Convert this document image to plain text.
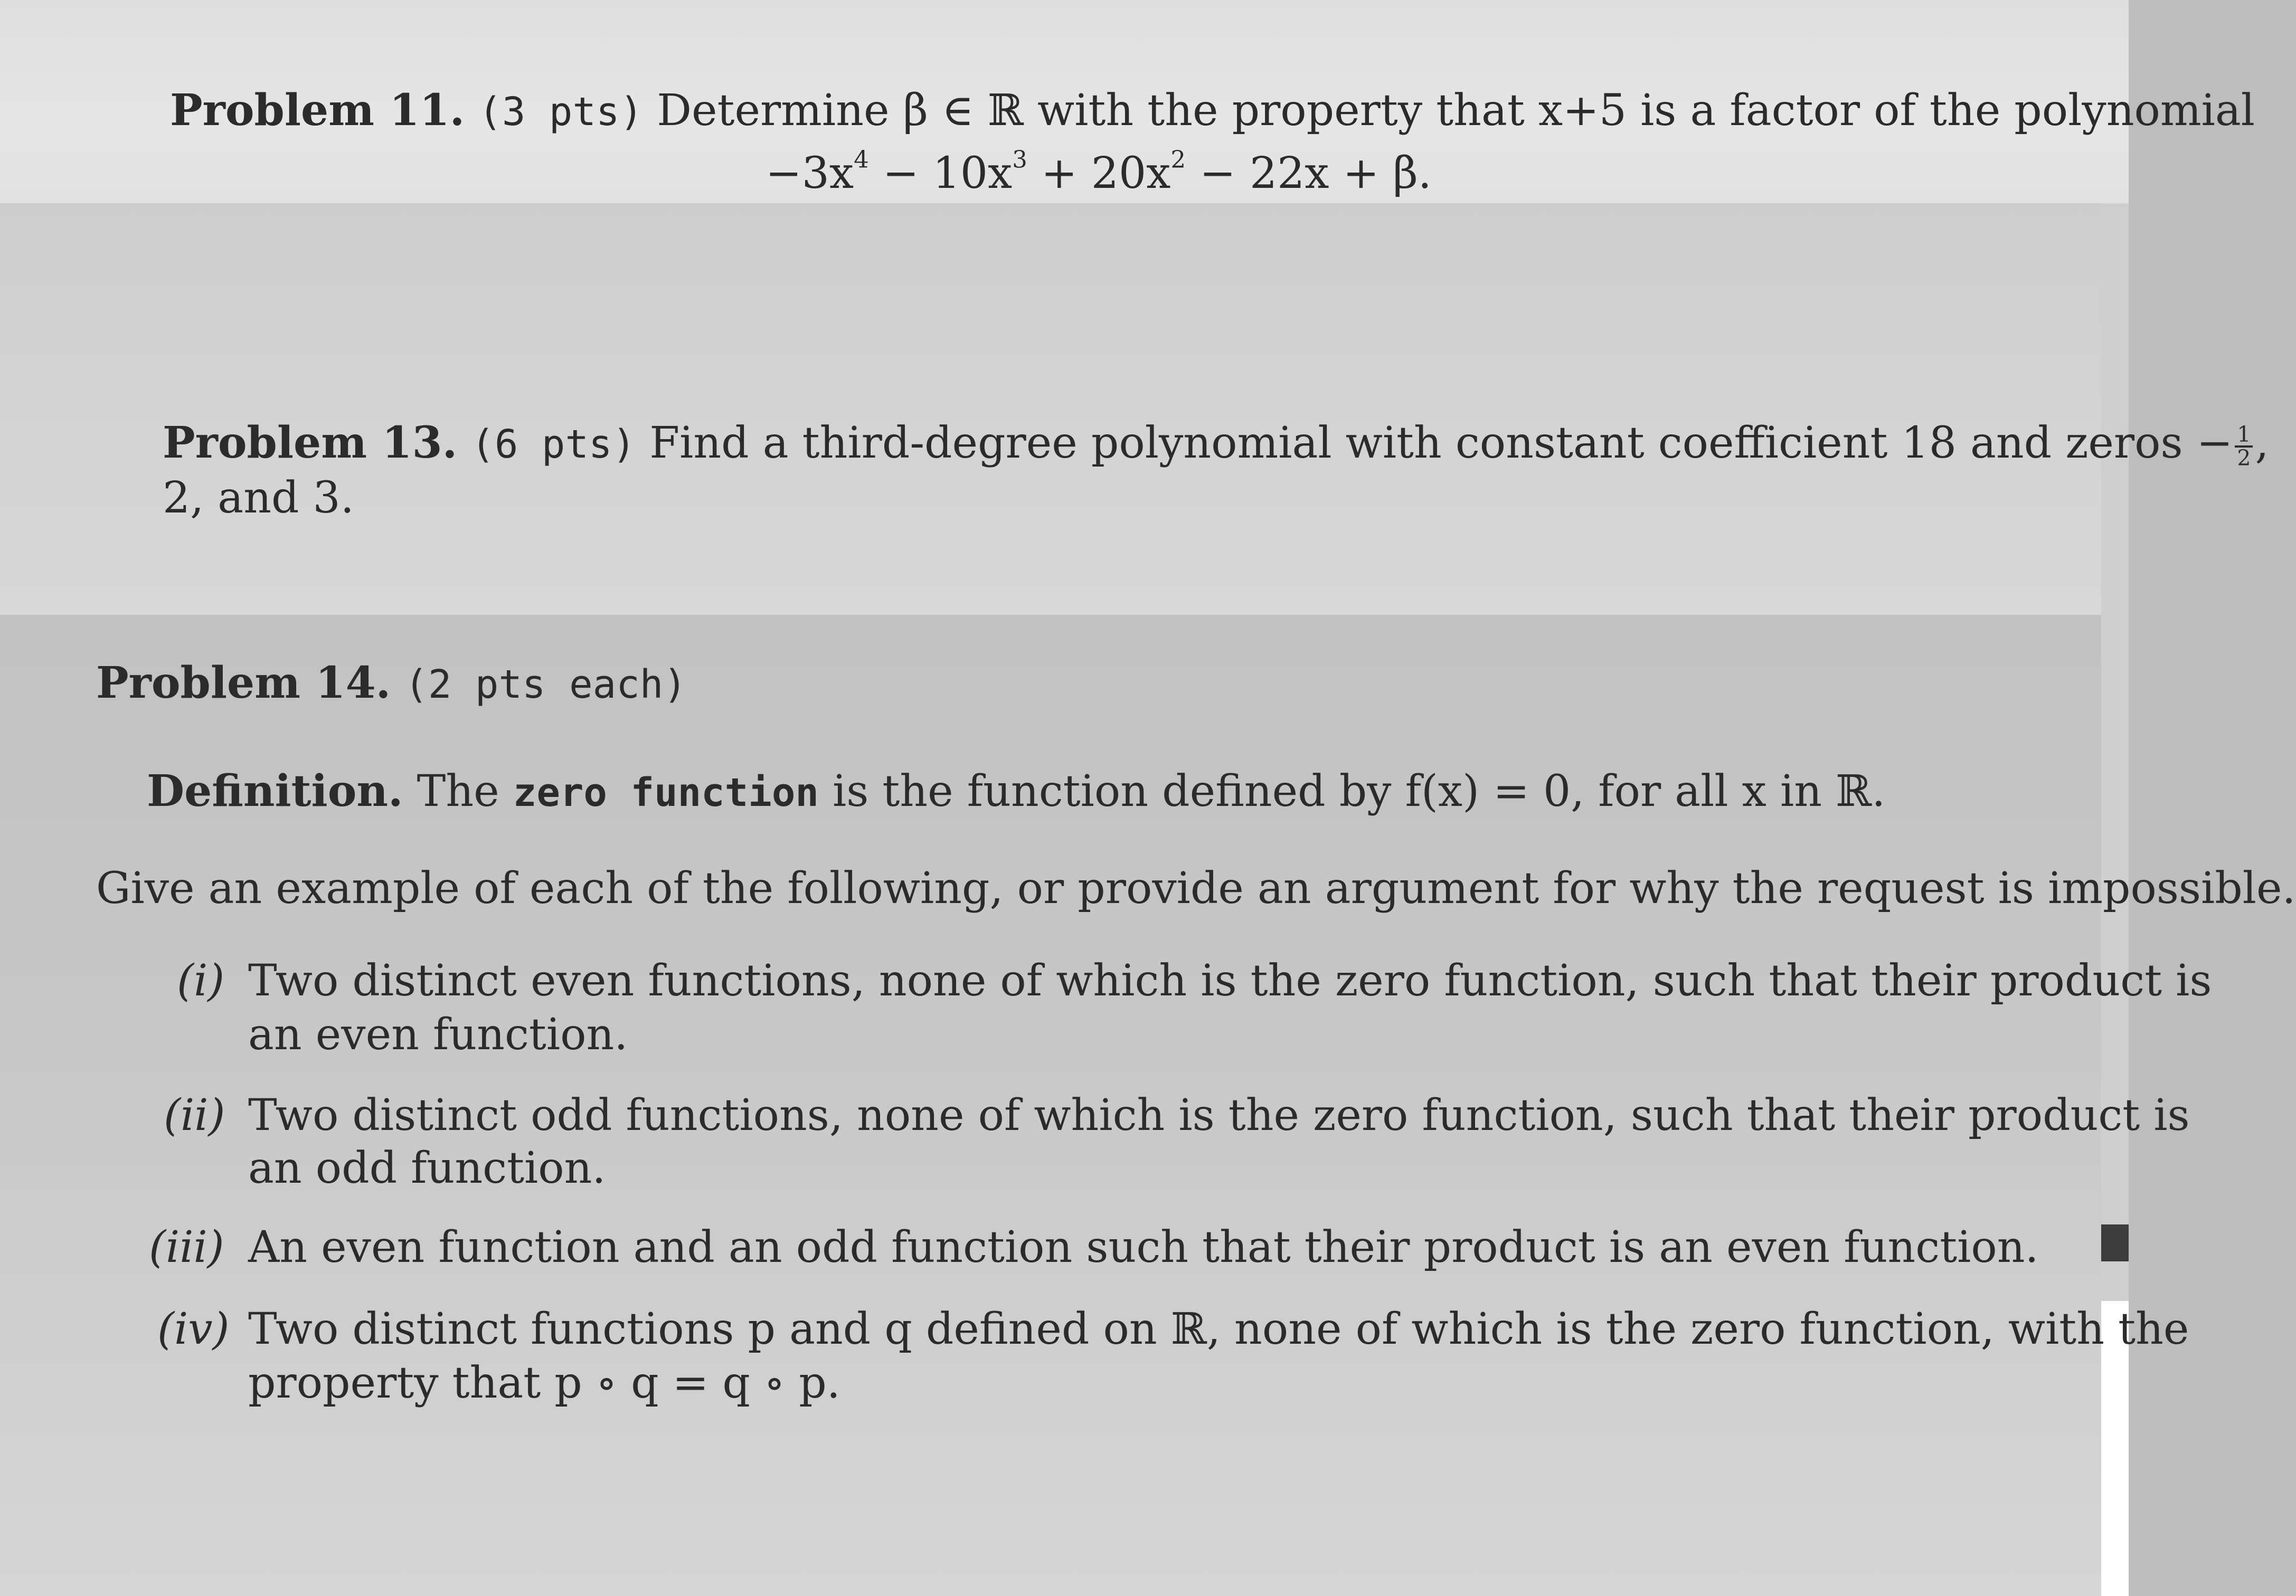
Problem 11. (3 pts) Determine β ∈ ℝ with the property that x+5 is a factor of the polynomial
$-3x^4 - 10x^3 + 20x^2 - 22x + \beta$.
Problem 13. (6 pts) Find a third-degree polynomial with constant coefficient 18 and zeros − $\frac{1}{2}$ ,
2, and 3.
Problem 14. (2 pts each)
Definition. The zero function is the function defined by f(x) = 0, for all x in ℝ.
Give an example of each of the following, or provide an argument for why the request is impossible.
(i) Two distinct even functions, none of which is the zero function, such that their product is
an even function.
(ii) Two distinct odd functions, none of which is the zero function, such that their product is
an odd function.
(iii) An even function and an odd function such that their product is an even function.
(iv) Two distinct functions p and q defined on ℝ, none of which is the zero function, with the
property that p ∘ q = q ∘ p.
